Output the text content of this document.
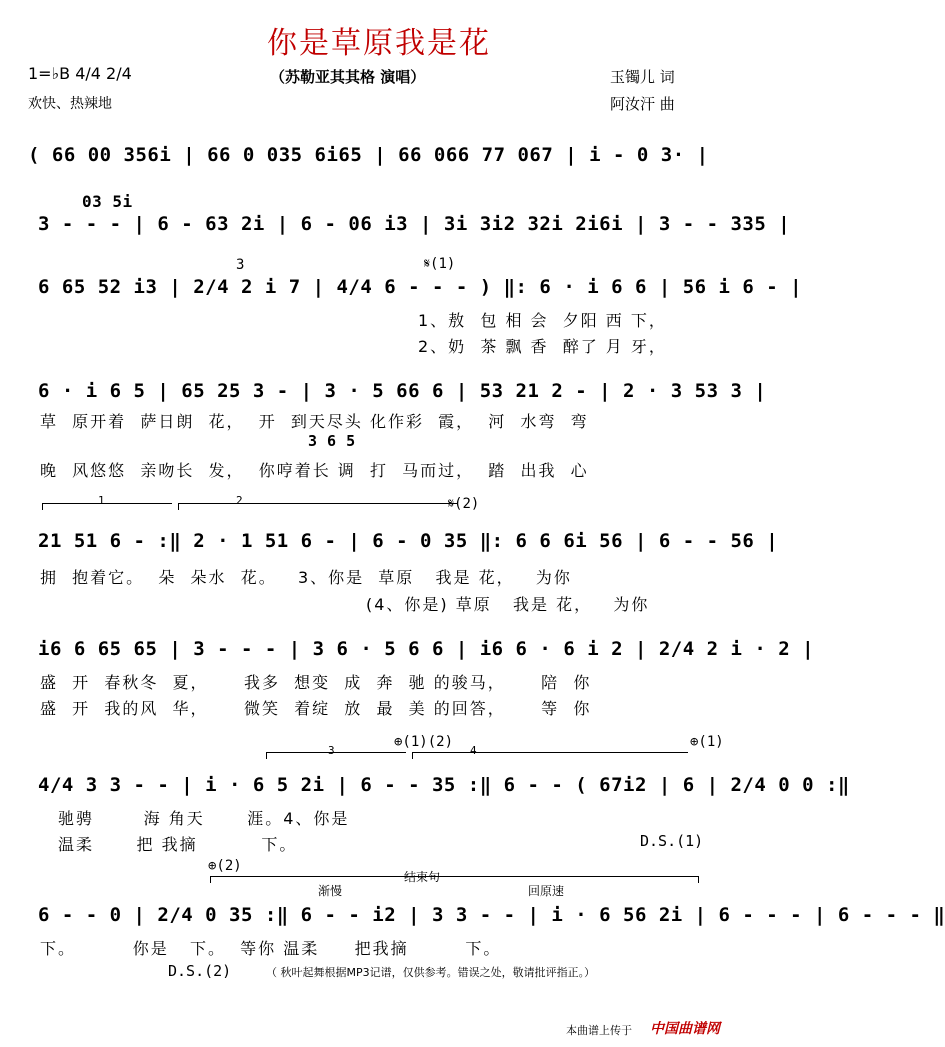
你是草原我是花
1=♭B 4/4 2/4
欢快、热辣地
（苏勒亚其其格 演唱）	玉镯儿 词
阿汝汗 曲
( 66 00 356i | 66 0 035 6i65 | 66 066 77 067 | i - 0 3· |
03 5i
3 - - - | 6 - 63 2i | 6 - 06 i3 | 3i 3i2 32i 2i6i | 3 - - 335 |
𝄋(1)
3
6 65 52 i3 | 2/4 2 i 7 | 4/4 6 - - - ) ‖: 6 · i 6 6 | 56 i 6 - |
1、敖  包 相 会  夕阳 西 下，
2、奶  茶 飘 香  醉了 月 牙，
6 · i 6 5 | 65 25 3 - | 3 · 5 66 6 | 53 21 2 - | 2 · 3 53 3 |
草  原开着  萨日朗  花，  开  到天尽头 化作彩  霞，  河  水弯  弯
3 6 5
晚  风悠悠  亲吻长  发，  你哼着长 调  打  马而过，  踏  出我  心
1	2	𝄋(2)
21 51 6 - :‖ 2 · 1 51 6 - | 6 - 0 35 ‖: 6 6 6i 56 | 6 - - 56 |
拥  抱着它。  朵  朵水  花。   3、你是  草原   我是 花，   为你
(4、你是) 草原   我是 花，   为你
i6 6 65 65 | 3 - - - | 3 6 · 5 6 6 | i6 6 · 6 i 2 | 2/4 2 i · 2 |
盛  开  春秋冬  夏，     我多  想变  成  奔  驰 的骏马，     陪  你
盛  开  我的风  华，     微笑  着绽  放  最  美 的回答，     等  你
⊕(1)(2)	⊕(1)
3	4
4/4 3 3 - - | i · 6 5 2i | 6 - - 35 :‖ 6 - - ( 67i2 | 6 | 2/4 0 0 :‖
驰骋       海 角天      涯。4、你是
温柔      把 我摘         下。	D.S.(1)
⊕(2)
渐慢
结束句
回原速
6 - - 0 | 2/4 0 35 :‖ 6 - - i2 | 3 3 - - | i · 6 56 2i | 6 - - - | 6 - - - ‖
下。        你是   下。  等你 温柔     把我摘        下。
D.S.(2)	（ 秋叶起舞根据MP3记谱，仅供参考。错误之处，敬请批评指正。）
本曲谱上传于 中国曲谱网
